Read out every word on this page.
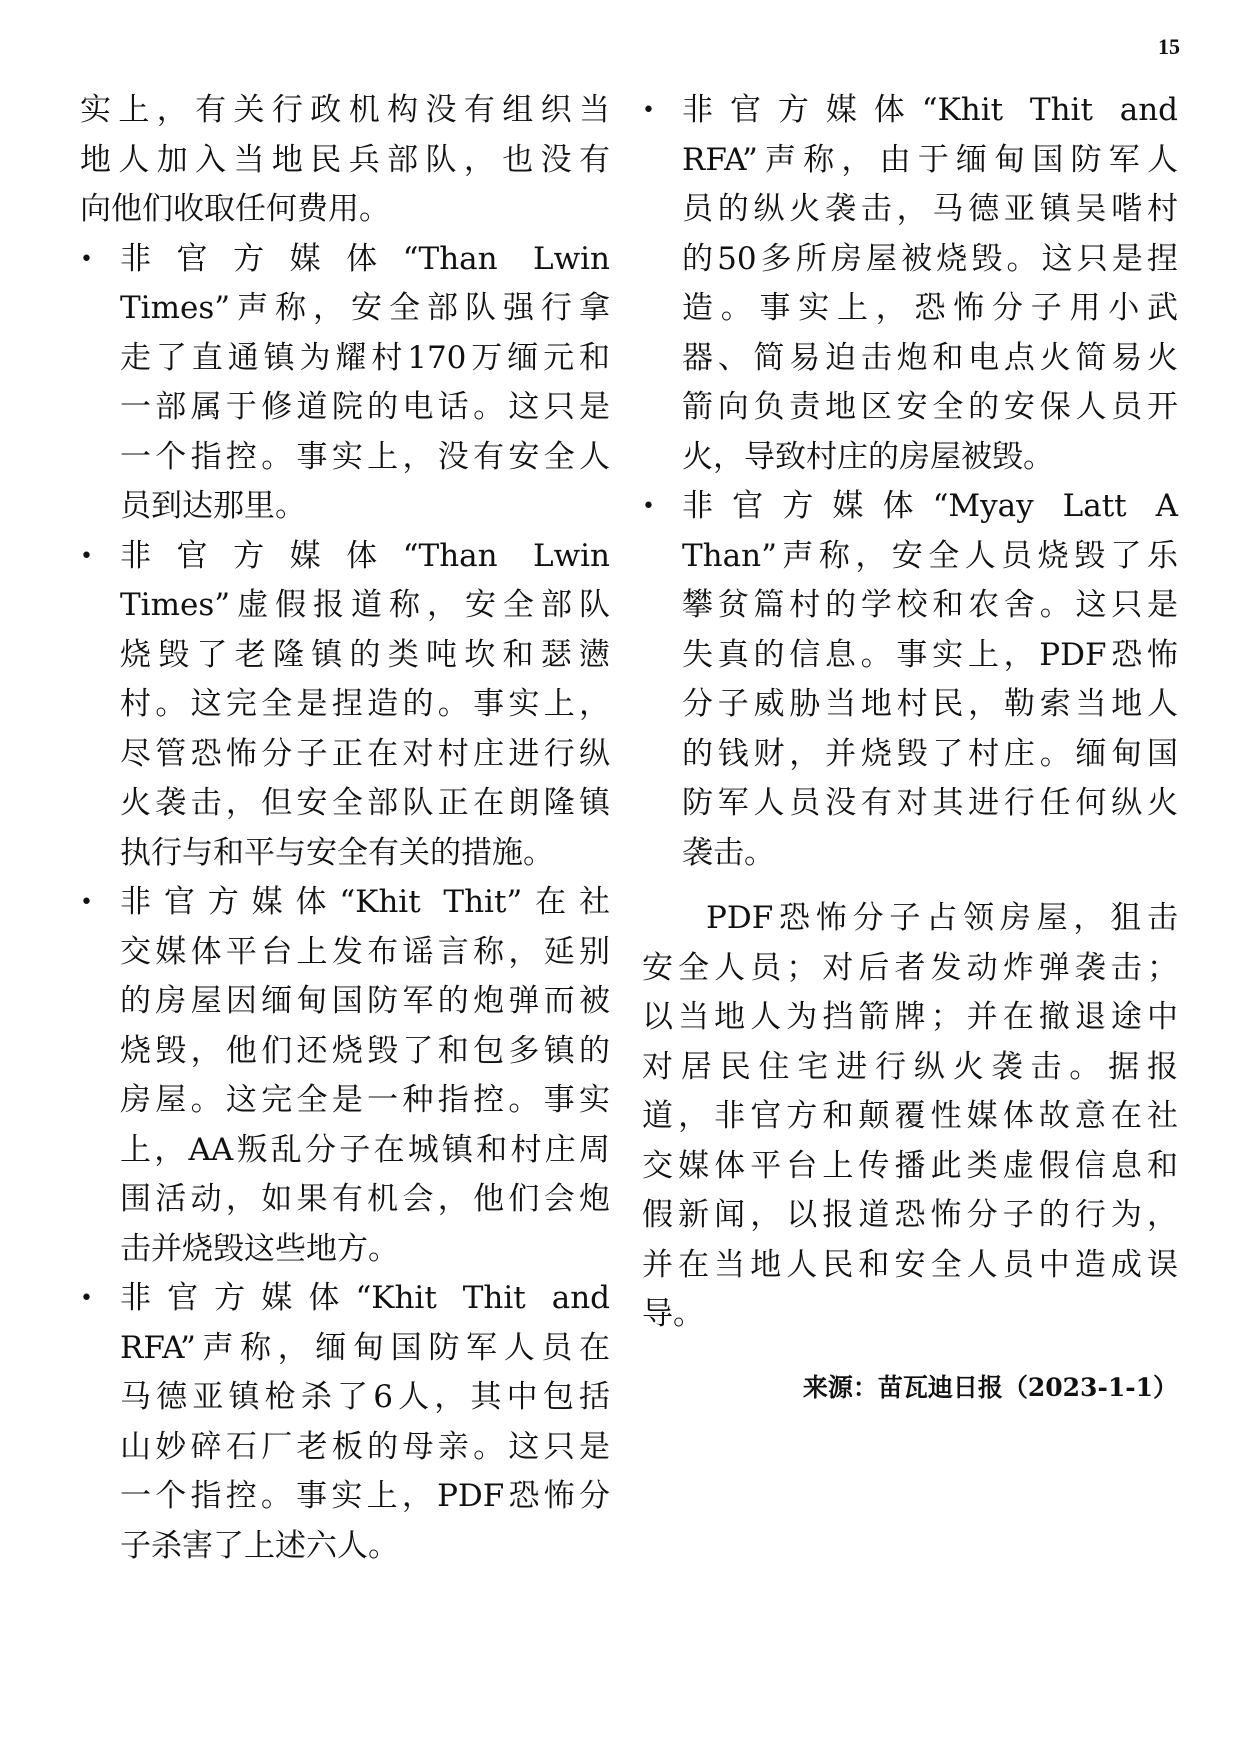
15
实上，有关行政机构没有组织当
地人加入当地民兵部队，也没有
向他们收取任何费用。
• 非官方媒体“Than Lwin
Times”声称，安全部队强行拿
走了直通镇为耀村170万缅元和
一部属于修道院的电话。这只是
一个指控。事实上，没有安全人
员到达那里。
• 非官方媒体“Than Lwin
Times”虚假报道称，安全部队
烧毁了老隆镇的类吨坎和瑟懑
村。这完全是捏造的。事实上，
尽管恐怖分子正在对村庄进行纵
火袭击，但安全部队正在朗隆镇
执行与和平与安全有关的措施。
• 非官方媒体“Khit Thit”在社
交媒体平台上发布谣言称，延别
的房屋因缅甸国防军的炮弹而被
烧毁，他们还烧毁了和包多镇的
房屋。这完全是一种指控。事实
上，AA叛乱分子在城镇和村庄周
围活动，如果有机会，他们会炮
击并烧毁这些地方。
• 非官方媒体“Khit Thit and
RFA”声称，缅甸国防军人员在
马德亚镇枪杀了6人，其中包括
山妙碎石厂老板的母亲。这只是
一个指控。事实上，PDF恐怖分
子杀害了上述六人。
• 非官方媒体“Khit Thit and
RFA”声称，由于缅甸国防军人
员的纵火袭击，马德亚镇吴喈村
的50多所房屋被烧毁。这只是捏
造。事实上，恐怖分子用小武
器、简易迫击炮和电点火简易火
箭向负责地区安全的安保人员开
火，导致村庄的房屋被毁。
• 非官方媒体“Myay Latt A
Than”声称，安全人员烧毁了乐
攀贫篇村的学校和农舍。这只是
失真的信息。事实上，PDF恐怖
分子威胁当地村民，勒索当地人
的钱财，并烧毁了村庄。缅甸国
防军人员没有对其进行任何纵火
袭击。
PDF恐怖分子占领房屋，狙击
安全人员；对后者发动炸弹袭击；
以当地人为挡箭牌；并在撤退途中
对居民住宅进行纵火袭击。据报
道，非官方和颠覆性媒体故意在社
交媒体平台上传播此类虚假信息和
假新闻，以报道恐怖分子的行为，
并在当地人民和安全人员中造成误
导。
来源：苗瓦迪日报（2023-1-1）
